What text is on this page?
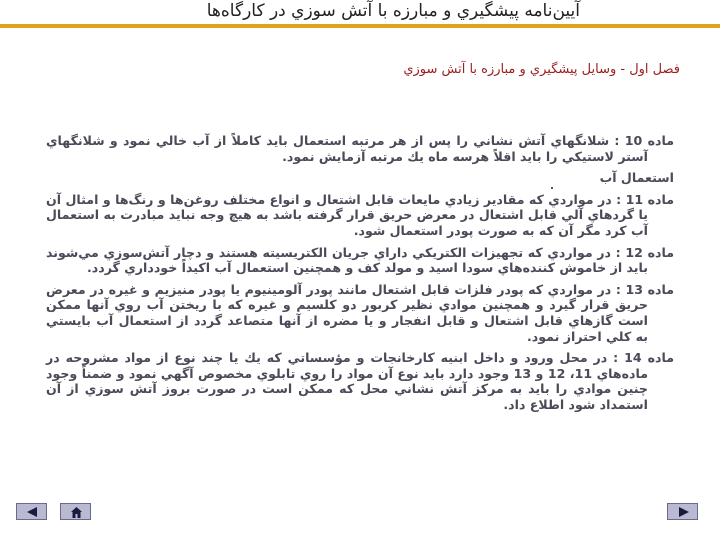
آيين‌نامه پيشگيري و مبارزه با آتش سوزي در كارگاه‌ها
فصل اول - وسايل پيشگيري و مبارزه با آتش سوزي

ماده 10 : شلانگهاي آتش نشاني را پس از هر مرتبه استعمال بايد كاملاً از آب خالي نمود و شلانگهاي آستر لاستيكي را بايد اقلاً هرسه ماه يك مرتبه آزمايش نمود.

استعمال آب

ماده 11 : در مواردي كه مقادير زيادي مايعات قابل اشتعال و انواع مختلف روغن‌ها و رنگ‌ها و امثال آن يا گردهاي آلي قابل اشتعال در معرض حريق قرار گرفته باشد به هيچ وجه نبايد مبادرت به استعمال آب كرد مگر آن كه به صورت پودر استعمال شود.

ماده 12 : در مواردي كه تجهيزات الكتريكي داراي جريان الكتريسيته هستند و دچار آتش‌سوزي مي‌شوند بايد از خاموش كننده‌هاي سودا اسيد و مولد كف و همچنين استعمال آب اكيداً خودداري گردد.

ماده 13 : در مواردي كه پودر فلزات قابل اشتعال مانند پودر آلومينيوم يا پودر منيزيم و غيره در معرض حريق قرار گيرد و همچنين موادي نظير كربور دو كلسيم و غيره كه با ريختن آب روي آنها ممكن است گازهاي قابل اشتعال و قابل انفجار و يا مضره از آنها متصاعد گردد از استعمال آب بايستي به كلي احتراز نمود.

ماده 14 : در محل ورود و داخل ابنيه كارخانجات و مؤسساتي كه يك يا چند نوع از مواد مشروحه در ماده‌هاي 11، 12 و 13 وجود دارد بايد نوع آن مواد را روي تابلوي مخصوص آگهي نمود و ضمناً وجود چنين موادي را بايد به مركز آتش نشاني محل كه ممكن است در صورت بروز آتش سوزي از آن استمداد شود اطلاع داد.
